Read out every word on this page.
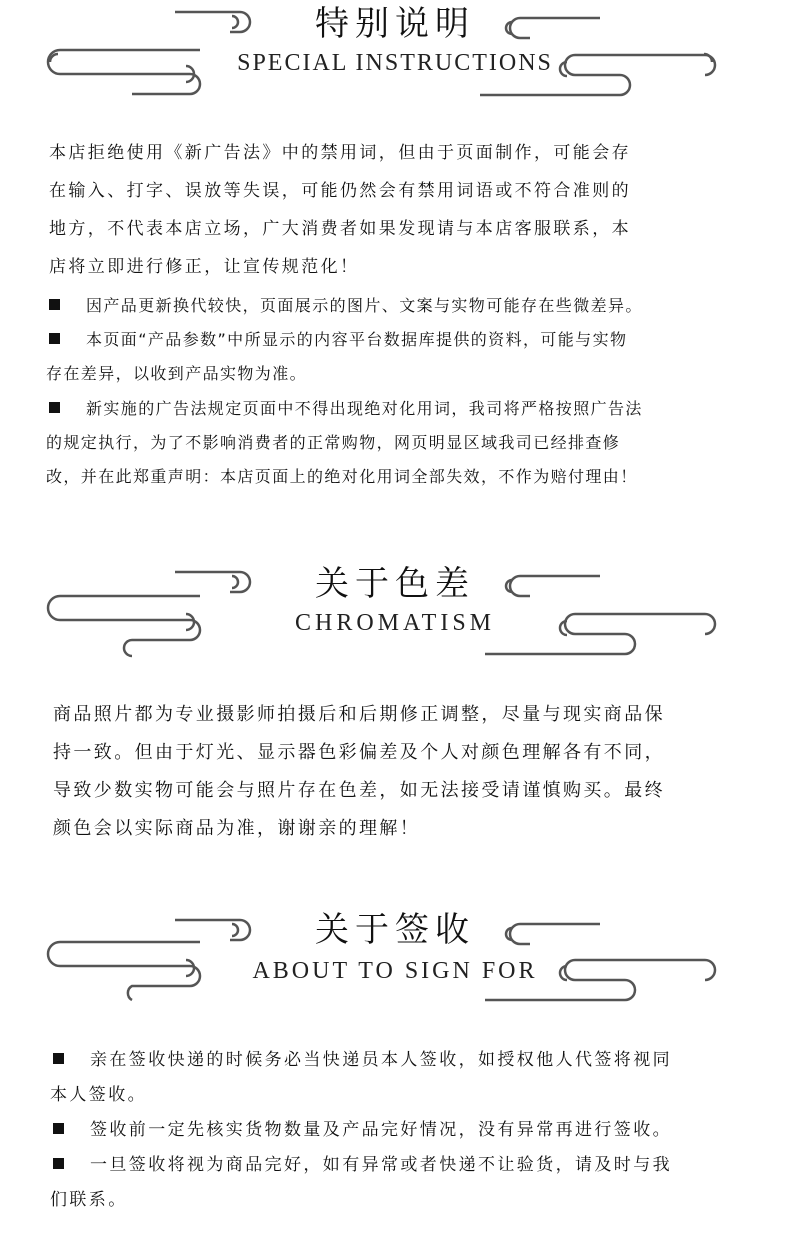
特别说明
SPECIAL INSTRUCTIONS
本店拒绝使用《新广告法》中的禁用词，但由于页面制作，可能会存
在输入、打字、误放等失误，可能仍然会有禁用词语或不符合准则的
地方，不代表本店立场，广大消费者如果发现请与本店客服联系，本
店将立即进行修正，让宣传规范化！
因产品更新换代较快，页面展示的图片、文案与实物可能存在些微差异。
本页面“产品参数”中所显示的内容平台数据库提供的资料，可能与实物
存在差异，以收到产品实物为准。
新实施的广告法规定页面中不得出现绝对化用词，我司将严格按照广告法
的规定执行，为了不影响消费者的正常购物，网页明显区域我司已经排查修
改，并在此郑重声明：本店页面上的绝对化用词全部失效，不作为赔付理由！
关于色差
CHROMATISM
商品照片都为专业摄影师拍摄后和后期修正调整，尽量与现实商品保
持一致。但由于灯光、显示器色彩偏差及个人对颜色理解各有不同，
导致少数实物可能会与照片存在色差，如无法接受请谨慎购买。最终
颜色会以实际商品为准，谢谢亲的理解！
关于签收
ABOUT TO SIGN FOR
亲在签收快递的时候务必当快递员本人签收，如授权他人代签将视同
本人签收。
签收前一定先核实货物数量及产品完好情况，没有异常再进行签收。
一旦签收将视为商品完好，如有异常或者快递不让验货，请及时与我
们联系。
